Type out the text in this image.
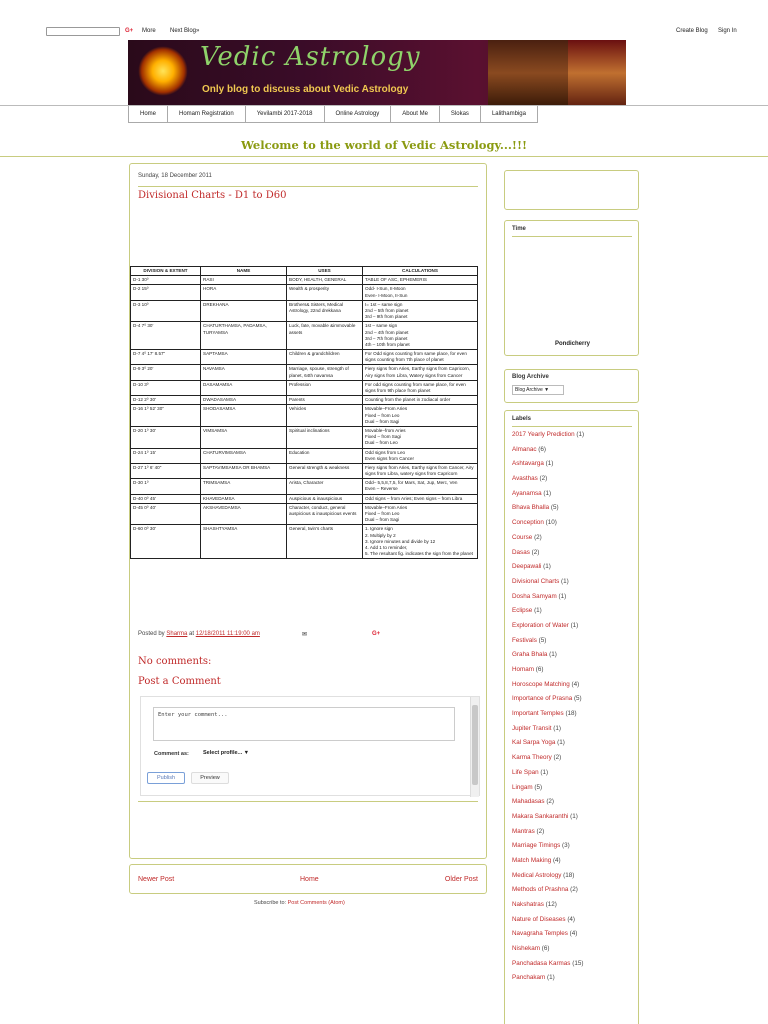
G+ More Next Blog»	Create Blog Sign In
Vedic Astrology
Only blog to discuss about Vedic Astrology
Home	Homam Registration	Yevilambi 2017-2018	Online Astrology	About Me	Slokas	Lalithambiga
Welcome to the world of Vedic Astrology...!!!
Sunday, 18 December 2011
Divisional Charts - D1 to D60
DIVISION & EXTENT	NAME	USES	CALCULATIONS
D-1 30⁰	RASI	BODY, HEALTH, GENERAL	TABLE OF ASC, EPHEMERIS
D-2 15⁰	HORA	Wealth & prosperity	Odd- I-Sun, II-Moon
Even- I-Moon, II-Sun
D-3 10⁰	DREKHANA	Brothers& Sisters, Medical Astrology, 22nd drekkana	I= 1st – same sign
2nd – 5th from planet
3rd – 9th from planet
D-4 7⁰ 30'	CHATURTHAMSA, PADAMSA, TURYAMSA	Luck, fate, movable &immovable assets	1st – same sign
2nd – 4th from planet
3rd – 7th from planet
4th – 10th from planet
D-7 4⁰ 17' 8.57"	SAPTAMSA	Children & grandchildren	For Odd signs counting from same place, for even signs counting from 7th place of planet
D-9 3⁰ 20'	NAVAMSA	Marriage, spouse, strength of planet, 64th navamsa	Fiery signs from Aries, Earthy signs from Capricorn, Airy signs from Libra, Watery signs from Cancer
D-10 3⁰	DASAMAMSA	Profession	For odd signs counting from same place, for even signs from 9th place from planet
D-12 2⁰ 30'	DWADASAMSA	Parents	Counting from the planet in zodiacal order
D-16 1⁰ 52' 30"	SHODASAMSA	Vehicles	Movable–From Aries
Fixed – from Leo
Dual – from Sagi
D-20 1⁰ 30'	VIMSAMSA	Spiritual inclinations	Movable–from Aries
Fixed – from Sagi
Dual – from Leo
D-24 1⁰ 15'	CHATURVIMSAMSA	Education	Odd signs from Leo
Even signs from Cancer
D-27 1⁰ 6' 40"	SAPTAVIMSAMSA OR BHAMSA	General strength & weakness	Fiery signs from Aries, Earthy signs from Cancer, Airy signs from Libra, watery signs from Capricorn
D-30 1⁰	TRIMSAMSA	Arista, Character	Odd– 5,5,8,7,5, for Mars, Sat, Jup, Merc, Ven
Even – Reverse
D-40 0⁰ 45'	KHAVEDAMSA	Auspicious & inauspicious	Odd signs – from Aries; Even signs – from Libra
D-45 0⁰ 40'	AKSHAVEDAMSA	Character, conduct, general auspicious & inauspicious events	Movable–From Aries
Fixed – from Leo
Dual – from Sagi
D-60 0⁰ 30'	SHASHTYAMSA	General, twin's charts	1. Ignore sign
2. Multiply by 2
3. Ignore minutes and divide by 12
4. Add 1 to reminder,
5. The resultant fig. indicates the sign from the planet
Posted by Sharma at 12/18/2011 11:19:00 am	✉	G+
No comments:
Post a Comment
Enter your comment...
Comment as:	Select profile... ▼
Publish	Preview
Newer Post	Home	Older Post
Subscribe to: Post Comments (Atom)
Time
Pondicherry
Blog Archive
Blog Archive ▼
Labels
2017 Yearly Prediction (1)
Almanac (6)
Ashtavarga (1)
Avasthas (2)
Ayanamsa (1)
Bhava Bhalla (5)
Conception (10)
Course (2)
Dasas (2)
Deepawali (1)
Divisional Charts (1)
Dosha Samyam (1)
Eclipse (1)
Exploration of Water (1)
Festivals (5)
Graha Bhala (1)
Homam (6)
Horoscope Matching (4)
Importance of Prasna (5)
Important Temples (18)
Jupiter Transit (1)
Kal Sarpa Yoga (1)
Karma Theory (2)
Life Span (1)
Lingam (5)
Mahadasas (2)
Makara Sankaranthi (1)
Mantras (2)
Marriage Timings (3)
Match Making (4)
Medical Astrology (18)
Methods of Prashna (2)
Nakshatras (12)
Nature of Diseases (4)
Navagraha Temples (4)
Nishekam (6)
Panchadasa Karmas (15)
Panchakam (1)
